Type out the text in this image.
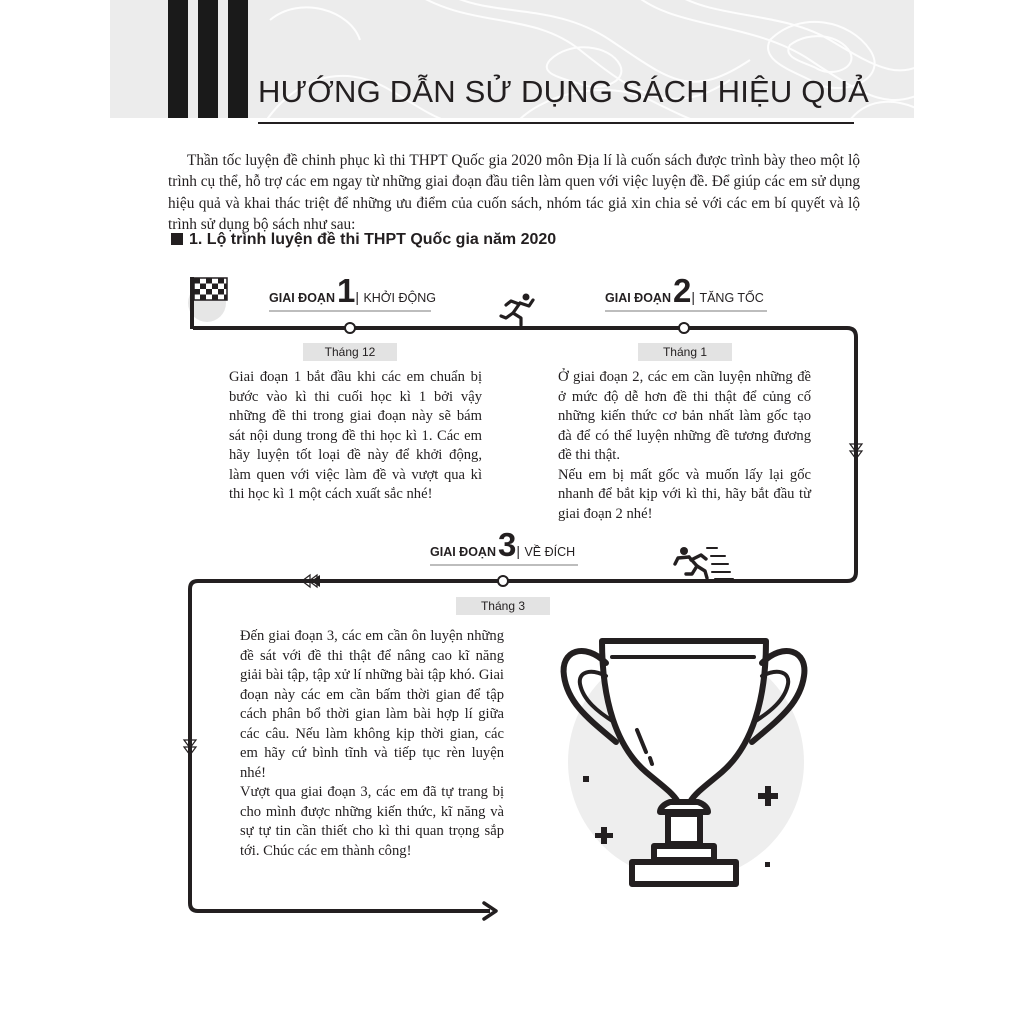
HƯỚNG DẪN SỬ DỤNG SÁCH HIỆU QUẢ

Thần tốc luyện đề chinh phục kì thi THPT Quốc gia 2020 môn Địa lí là cuốn sách được trình bày theo một lộ trình cụ thể, hỗ trợ các em ngay từ những giai đoạn đầu tiên làm quen với việc luyện đề. Để giúp các em sử dụng hiệu quả và khai thác triệt để những ưu điểm của cuốn sách, nhóm tác giả xin chia sẻ với các em bí quyết và lộ trình sử dụng bộ sách như sau:

1. Lộ trình luyện đề thi THPT Quốc gia năm 2020
GIAI ĐOẠN1| KHỞI ĐỘNG
Tháng 12
GIAI ĐOẠN2| TĂNG TỐC
Tháng 1
GIAI ĐOẠN3| VỀ ĐÍCH
Tháng 3

Giai đoạn 1 bắt đầu khi các em chuẩn bị bước vào kì thi cuối học kì 1 bởi vậy những đề thi trong giai đoạn này sẽ bám sát nội dung trong đề thi học kì 1. Các em hãy luyện tốt loại đề này để khởi động, làm quen với việc làm đề và vượt qua kì thi học kì 1 một cách xuất sắc nhé!

Ở giai đoạn 2, các em cần luyện những đề ở mức độ dễ hơn đề thi thật để củng cố những kiến thức cơ bản nhất làm gốc tạo đà để có thể luyện những đề tương đương đề thi thật.

Nếu em bị mất gốc và muốn lấy lại gốc nhanh để bắt kịp với kì thi, hãy bắt đầu từ giai đoạn 2 nhé!

Đến giai đoạn 3, các em cần ôn luyện những đề sát với đề thi thật để nâng cao kĩ năng giải bài tập, tập xử lí những bài tập khó. Giai đoạn này các em cần bấm thời gian để tập cách phân bổ thời gian làm bài hợp lí giữa các câu. Nếu làm không kịp thời gian, các em hãy cứ bình tĩnh và tiếp tục rèn luyện nhé!

Vượt qua giai đoạn 3, các em đã tự trang bị cho mình được những kiến thức, kĩ năng và sự tự tin cần thiết cho kì thi quan trọng sắp tới. Chúc các em thành công!
